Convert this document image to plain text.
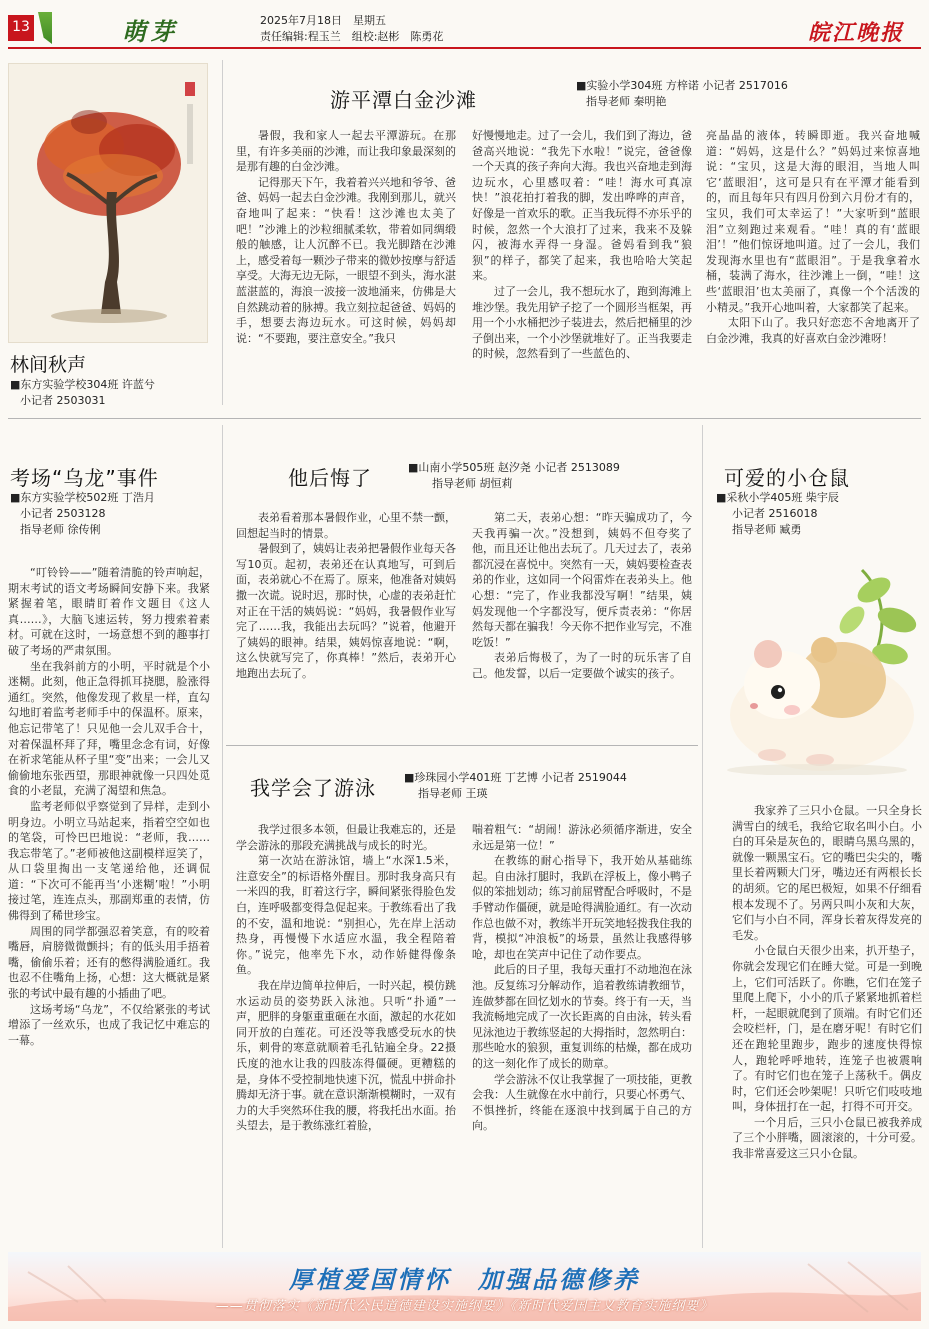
13	萌芽	2025年7月18日　星期五
责任编辑:程玉兰　组校:赵彬　陈勇花	皖江晚报
林间秋声
■东方实验学校304班 许蓝兮
小记者 2503031
游平潭白金沙滩
■实验小学304班 方梓诺 小记者 2517016
指导老师 秦明艳

暑假，我和家人一起去平潭游玩。在那里，有许多美丽的沙滩，而让我印象最深刻的是那有趣的白金沙滩。

记得那天下午，我着着兴兴地和爷爷、爸爸、妈妈一起去白金沙滩。我刚到那儿，就兴奋地叫了起来：“快看！这沙滩也太美了吧！”沙滩上的沙粒细腻柔软，带着如同绸缎般的触感，让人沉醉不已。我光脚踏在沙滩上，感受着每一颗沙子带来的微妙按摩与舒适享受。大海无边无际，一眼望不到头，海水湛蓝湛蓝的，海浪一波接一波地涌来，仿佛是大自然跳动着的脉搏。我立刻拉起爸爸、妈妈的手，想要去海边玩水。可这时候，妈妈却说：“不要跑，要注意安全。”我只

好慢慢地走。过了一会儿，我们到了海边，爸爸高兴地说：“我先下水啦！”说完，爸爸像一个天真的孩子奔向大海。我也兴奋地走到海边玩水，心里感叹着：“哇！海水可真凉快！”浪花拍打着我的脚，发出哗哗的声音，好像是一首欢乐的歌。正当我玩得不亦乐乎的时候，忽然一个大浪打了过来，我来不及躲闪，被海水弄得一身湿。爸妈看到我“狼狈”的样子，都笑了起来，我也哈哈大笑起来。

过了一会儿，我不想玩水了，跑到海滩上堆沙堡。我先用铲子挖了一个圆形当框架，再用一个小水桶把沙子装进去，然后把桶里的沙子倒出来，一个小沙堡就堆好了。正当我要走的时候，忽然看到了一些蓝色的、

亮晶晶的液体，转瞬即逝。我兴奋地喊道：“妈妈，这是什么？”妈妈过来惊喜地说：“宝贝，这是大海的眼泪，当地人叫它‘蓝眼泪’，这可是只有在平潭才能看到的，而且每年只有四月份到六月份才有的，宝贝，我们可太幸运了！”大家听到“蓝眼泪”立刻跑过来观看。“哇！真的有‘蓝眼泪’！”他们惊讶地叫道。过了一会儿，我们发现海水里也有“蓝眼泪”。于是我拿着水桶，装满了海水，往沙滩上一倒，“哇！这些‘蓝眼泪’也太美丽了，真像一个个活泼的小精灵。”我开心地叫着，大家都笑了起来。

太阳下山了。我只好恋恋不舍地离开了白金沙滩，我真的好喜欢白金沙滩呀！

考场“乌龙”事件
■东方实验学校502班 丁浩月
小记者 2503128
指导老师 徐传俐

“叮铃铃——”随着清脆的铃声响起，期末考试的语文考场瞬间安静下来。我紧紧握着笔，眼睛盯着作文题目《这人真……》，大脑飞速运转，努力搜索着素材。可就在这时，一场意想不到的趣事打破了考场的严肃氛围。

坐在我斜前方的小明，平时就是个小迷糊。此刻，他正急得抓耳挠腮，脸涨得通红。突然，他像发现了救星一样，直勾勾地盯着监考老师手中的保温杯。原来，他忘记带笔了！只见他一会儿双手合十，对着保温杯拜了拜，嘴里念念有词，好像在祈求笔能从杯子里“变”出来；一会儿又偷偷地东张西望，那眼神就像一只四处觅食的小老鼠，充满了渴望和焦急。

监考老师似乎察觉到了异样，走到小明身边。小明立马站起来，指着空空如也的笔袋，可怜巴巴地说：“老师，我……我忘带笔了。”老师被他这副模样逗笑了，从口袋里掏出一支笔递给他，还调侃道：“下次可不能再当‘小迷糊’啦！”小明接过笔，连连点头，那副郑重的表情，仿佛得到了稀世珍宝。

周围的同学都强忍着笑意，有的咬着嘴唇，肩膀微微颤抖；有的低头用手捂着嘴，偷偷乐着；还有的憋得满脸通红。我也忍不住嘴角上扬，心想：这大概就是紧张的考试中最有趣的小插曲了吧。

这场考场“乌龙”，不仅给紧张的考试增添了一丝欢乐，也成了我记忆中难忘的一幕。

他后悔了	■山南小学505班 赵汐尧 小记者 2513089
指导老师 胡恒莉

表弟看着那本暑假作业，心里不禁一颤，回想起当时的情景。

暑假到了，姨妈让表弟把暑假作业每天各写10页。起初，表弟还在认真地写，可到后面，表弟就心不在焉了。原来，他准备对姨妈撒一次谎。说时迟，那时快，心虚的表弟赶忙对正在干活的姨妈说：“妈妈，我暑假作业写完了……我，我能出去玩吗？”说着，他避开了姨妈的眼神。结果，姨妈惊喜地说：“啊，这么快就写完了，你真棒！”然后，表弟开心地跑出去玩了。

第二天，表弟心想：“昨天骗成功了，今天我再骗一次。”没想到，姨妈不但夸奖了他，而且还让他出去玩了。几天过去了，表弟都沉浸在喜悦中。突然有一天，姨妈要检查表弟的作业，这如同一个闷雷炸在表弟头上。他心想：“完了，作业我都没写啊！”结果，姨妈发现他一个字都没写，便斥责表弟：“你居然每天都在骗我！今天你不把作业写完，不准吃饭！”

表弟后悔极了，为了一时的玩乐害了自己。他发誓，以后一定要做个诚实的孩子。

我学会了游泳	■珍珠园小学401班 丁艺博 小记者 2519044
指导老师 王瑛

我学过很多本领，但最让我难忘的，还是学会游泳的那段充满挑战与成长的时光。

第一次站在游泳馆，墙上“水深1.5米，注意安全”的标语格外醒目。那时我身高只有一米四的我，盯着这行字，瞬间紧张得脸色发白，连呼吸都变得急促起来。于教练看出了我的不安，温和地说：“别担心，先在岸上活动热身，再慢慢下水适应水温，我全程陪着你。”说完，他率先下水，动作娇健得像条鱼。

我在岸边简单拉伸后，一时兴起，模仿跳水运动员的姿势跃入泳池。只听“扑通”一声，肥胖的身躯重重砸在水面，激起的水花如同开放的白莲花。可还没等我感受玩水的快乐，刺骨的寒意就顺着毛孔钻遍全身。22摄氏度的池水让我的四肢冻得僵硬。更糟糕的是，身体不受控制地快速下沉，慌乱中拼命扑腾却无济于事。就在意识渐渐模糊时，一双有力的大手突然环住我的腰，将我托出水面。抬头望去，是于教练涨红着脸，

喘着粗气：“胡闹！游泳必须循序渐进，安全永远是第一位！”

在教练的耐心指导下，我开始从基础练起。自由泳打腿时，我趴在浮板上，像小鸭子似的笨拙划动；练习前屈臂配合呼吸时，不是手臂动作僵硬，就是呛得满脸通红。有一次动作总也做不对，教练半开玩笑地轻拨我住我的背，模拟“冲浪板”的场景，虽然让我感得够呛，却也在笑声中记住了动作要点。

此后的日子里，我每天重打不动地泡在泳池。反复练习分解动作，追着教练请教细节，连做梦都在回忆划水的节奏。终于有一天，当我流畅地完成了一次长距离的自由泳，转头看见泳池边于教练竖起的大拇指时，忽然明白：那些呛水的狼狈，重复训练的枯燥，都在成功的这一刻化作了成长的勋章。

学会游泳不仅让我掌握了一项技能，更教会我：人生就像在水中前行，只要心怀勇气、不惧挫折，终能在逐浪中找到属于自己的方向。

可爱的小仓鼠
■采秋小学405班 柴宇辰
小记者 2516018
指导老师 臧勇

我家养了三只小仓鼠。一只全身长满雪白的绒毛，我给它取名叫小白。小白的耳朵是灰色的，眼睛乌黑乌黑的，就像一颗黑宝石。它的嘴巴尖尖的，嘴里长着两颗大门牙，嘴边还有两根长长的胡须。它的尾巴极短，如果不仔细看根本发现不了。另两只叫小灰和大灰，它们与小白不同，浑身长着灰得发亮的毛发。

小仓鼠白天很少出来，扒开垫子，你就会发现它们在睡大觉。可是一到晚上，它们可活跃了。你瞧，它们在笼子里爬上爬下，小小的爪子紧紧地抓着栏杆，一起眼就爬到了顶端。有时它们还会咬栏杆，门，是在磨牙呢！有时它们还在跑轮里跑步，跑步的速度快得惊人，跑轮呼呼地转，连笼子也被震响了。有时它们也在笼子上荡秋千。偶皮时，它们还会吵架呢！只听它们吱吱地叫，身体扭打在一起，打得不可开交。

一个月后，三只小仓鼠已被我养成了三个小胖嘴，圆滚滚的，十分可爱。我非常喜爱这三只小仓鼠。

厚植爱国情怀　加强品德修养
——贯彻落实《新时代公民道德建设实施纲要》《新时代爱国主义教育实施纲要》
